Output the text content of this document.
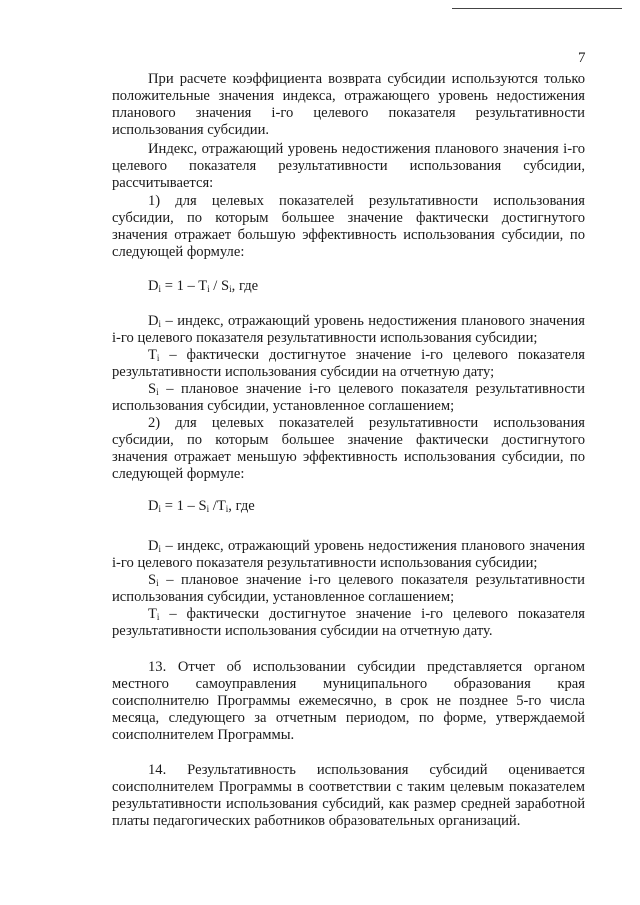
7

При расчете коэффициента возврата субсидии используются только положительные значения индекса, отражающего уровень недостижения планового значения i-го целевого показателя результативности использования субсидии.

Индекс, отражающий уровень недостижения планового значения i-го целевого показателя результативности использования субсидии, рассчитывается:

1) для целевых показателей результативности использования субсидии, по которым большее значение фактически достигнутого значения отражает большую эффективность использования субсидии, по следующей формуле:

$D_i = 1 - T_i / S_i$, где

$D_i$ – индекс, отражающий уровень недостижения планового значения i-го целевого показателя результативности использования субсидии;

$T_i$ – фактически достигнутое значение i-го целевого показателя результативности использования субсидии на отчетную дату;

$S_i$ – плановое значение i-го целевого показателя результативности использования субсидии, установленное соглашением;

2) для целевых показателей результативности использования субсидии, по которым большее значение фактически достигнутого значения отражает меньшую эффективность использования субсидии, по следующей формуле:

$D_i = 1 - S_i$ $/T_i$, где

$D_i$ – индекс, отражающий уровень недостижения планового значения i-го целевого показателя результативности использования субсидии;

$S_i$ – плановое значение i-го целевого показателя результативности использования субсидии, установленное соглашением;

$T_i$ – фактически достигнутое значение i-го целевого показателя результативности использования субсидии на отчетную дату.

13. Отчет об использовании субсидии представляется органом местного самоуправления муниципального образования края соисполнителю Программы ежемесячно, в срок не позднее 5-го числа месяца, следующего за отчетным периодом, по форме, утверждаемой соисполнителем Программы.

14. Результативность использования субсидий оценивается соисполнителем Программы в соответствии с таким целевым показателем результативности использования субсидий, как размер средней заработной платы педагогических работников образовательных организаций.
